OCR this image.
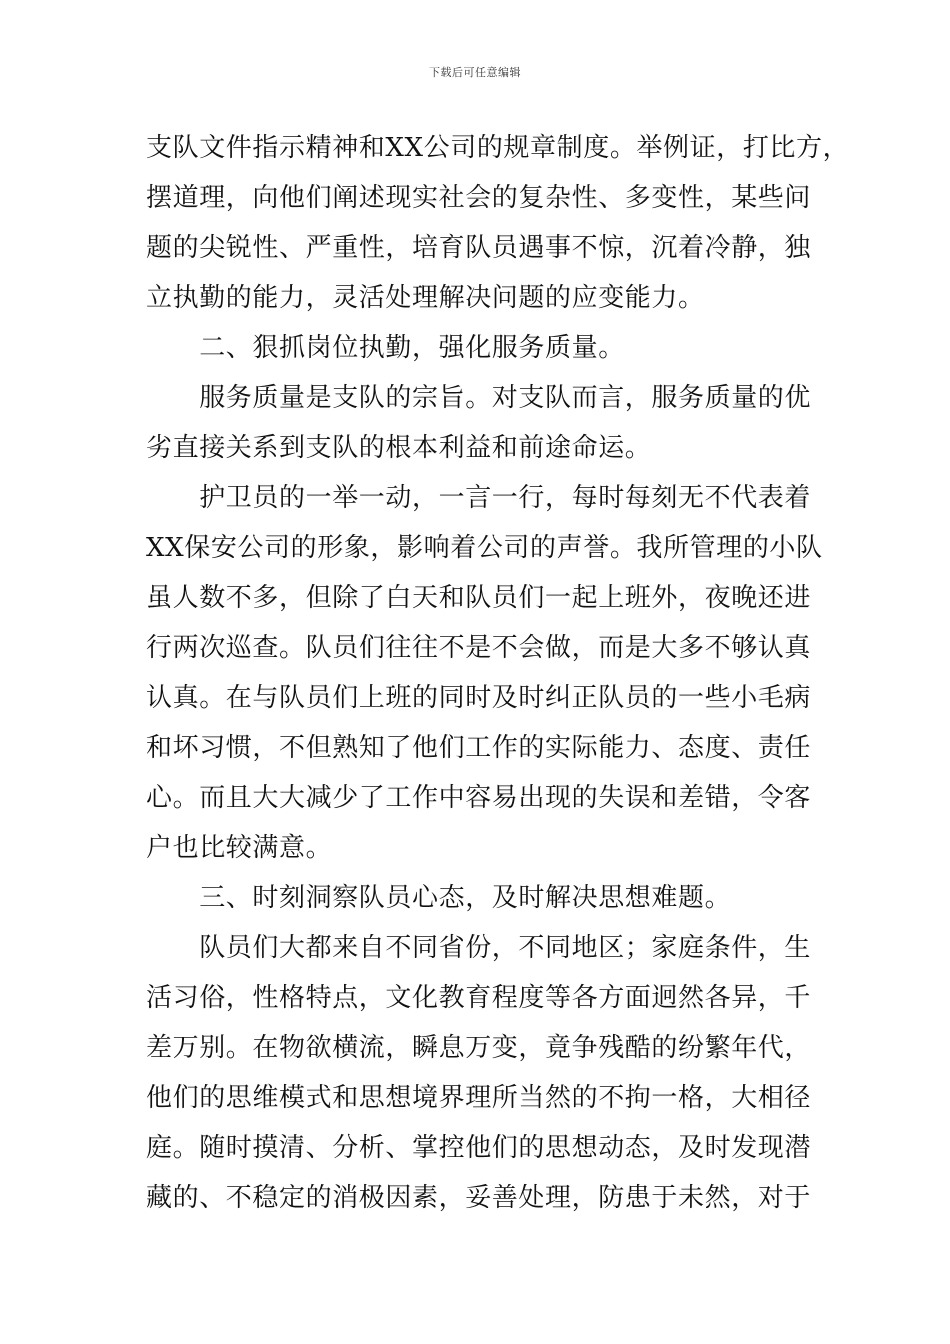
下载后可任意编辑
支队文件指示精神和XX公司的规章制度。举例证，打比方，
摆道理，向他们阐述现实社会的复杂性、多变性，某些问
题的尖锐性、严重性，培育队员遇事不惊，沉着冷静，独
立执勤的能力，灵活处理解决问题的应变能力。
　　二、狠抓岗位执勤，强化服务质量。
　　服务质量是支队的宗旨。对支队而言，服务质量的优
劣直接关系到支队的根本利益和前途命运。
　　护卫员的一举一动，一言一行，每时每刻无不代表着
XX保安公司的形象，影响着公司的声誉。我所管理的小队
虽人数不多，但除了白天和队员们一起上班外，夜晚还进
行两次巡查。队员们往往不是不会做，而是大多不够认真
认真。在与队员们上班的同时及时纠正队员的一些小毛病
和坏习惯，不但熟知了他们工作的实际能力、态度、责任
心。而且大大减少了工作中容易出现的失误和差错，令客
户也比较满意。
　　三、时刻洞察队员心态，及时解决思想难题。
　　队员们大都来自不同省份，不同地区；家庭条件，生
活习俗，性格特点，文化教育程度等各方面迥然各异，千
差万别。在物欲横流，瞬息万变，竟争残酷的纷繁年代，
他们的思维模式和思想境界理所当然的不拘一格，大相径
庭。随时摸清、分析、掌控他们的思想动态，及时发现潜
藏的、不稳定的消极因素，妥善处理，防患于未然，对于
